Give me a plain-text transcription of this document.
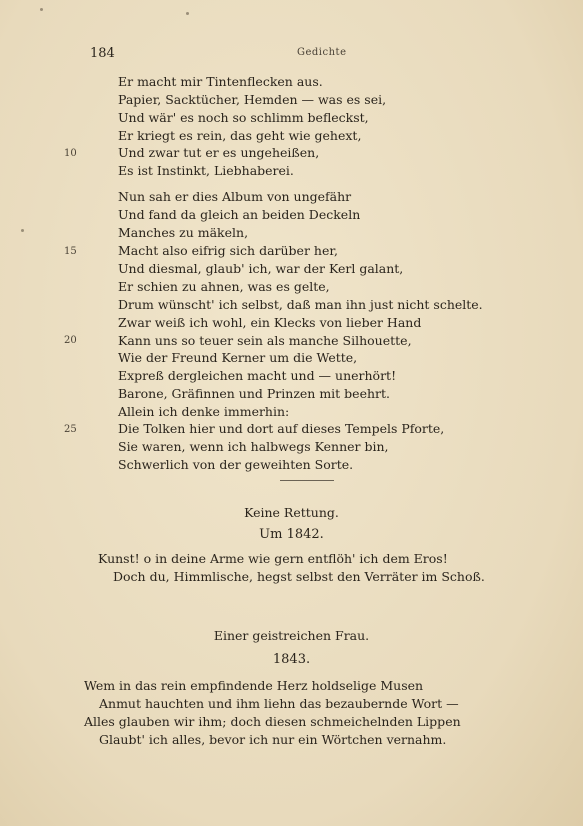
184	Gedichte
Er macht mir Tintenflecken aus.
Papier, Sacktücher, Hemden — was es sei,
Und wär' es noch so schlimm befleckst,
Er kriegt es rein, das geht wie gehext,
Und zwar tut er es ungeheißen,
Es ist Instinkt, Liebhaberei.
Nun sah er dies Album von ungefähr
Und fand da gleich an beiden Deckeln
Manches zu mäkeln,
Macht also eifrig sich darüber her,
Und diesmal, glaub' ich, war der Kerl galant,
Er schien zu ahnen, was es gelte,
Drum wünscht' ich selbst, daß man ihn just nicht schelte.
Zwar weiß ich wohl, ein Klecks von lieber Hand
Kann uns so teuer sein als manche Silhouette,
Wie der Freund Kerner um die Wette,
Expreß dergleichen macht und — unerhört!
Barone, Gräfinnen und Prinzen mit beehrt.
Allein ich denke immerhin:
Die Tolken hier und dort auf dieses Tempels Pforte,
Sie waren, wenn ich halbwegs Kenner bin,
Schwerlich von der geweihten Sorte.
10
15
20
25
Keine Rettung.
Um 1842.
Kunst! o in deine Arme wie gern entflöh' ich dem Eros!
Doch du, Himmlische, hegst selbst den Verräter im Schoß.
Einer geistreichen Frau.
1843.
Wem in das rein empfindende Herz holdselige Musen
Anmut hauchten und ihm liehn das bezaubernde Wort —
Alles glauben wir ihm; doch diesen schmeichelnden Lippen
Glaubt' ich alles, bevor ich nur ein Wörtchen vernahm.
